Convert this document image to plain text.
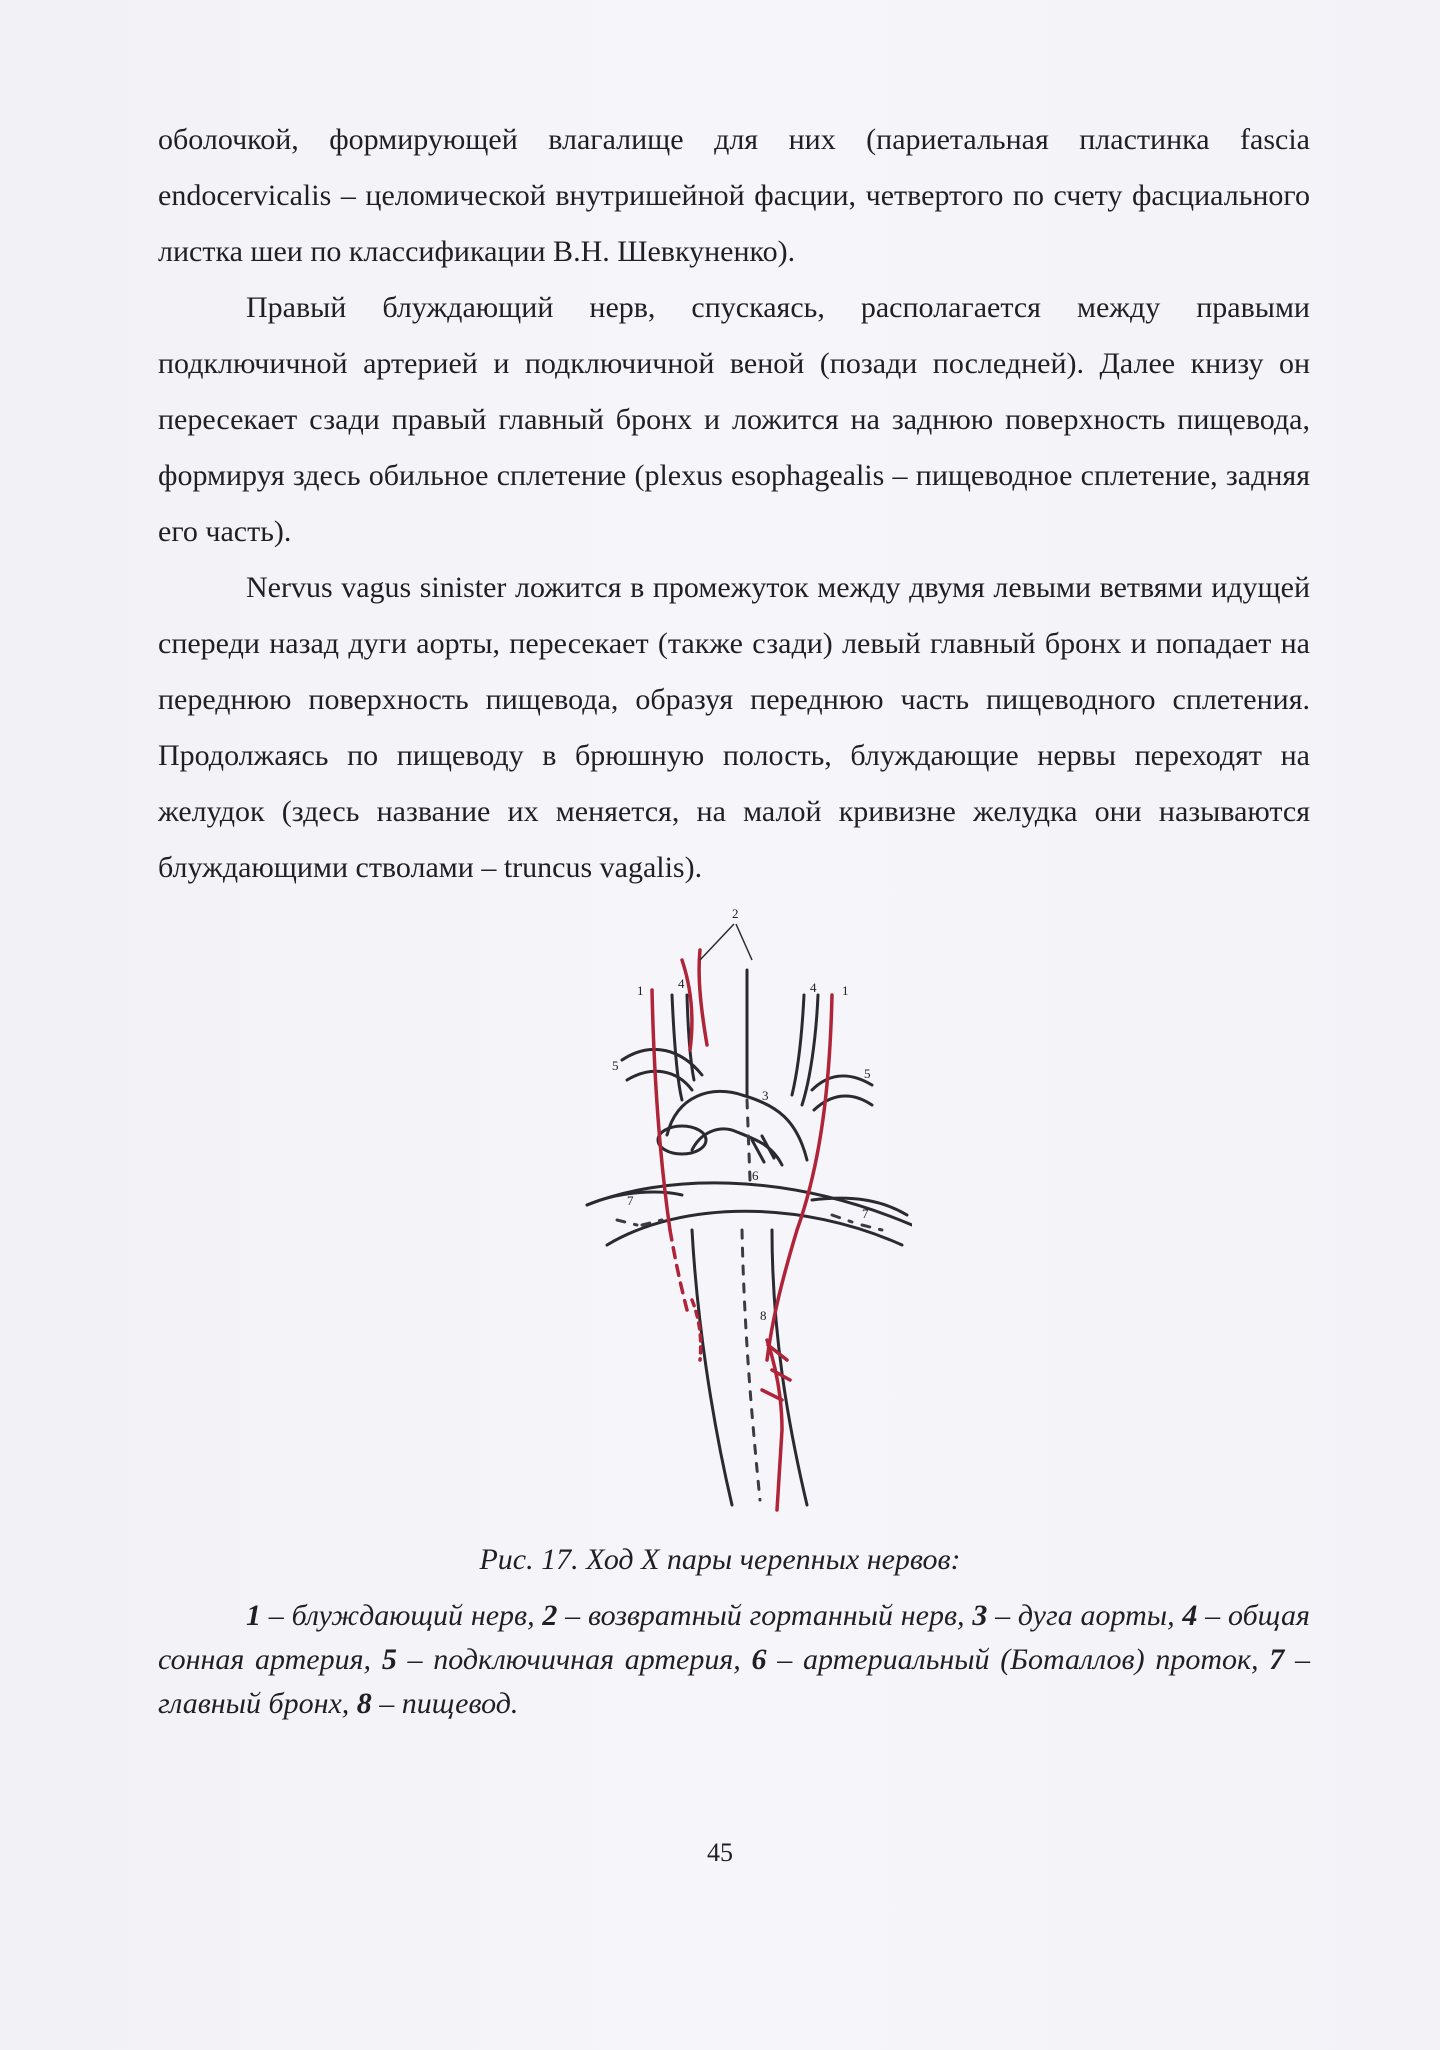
оболочкой, формирующей влагалище для них (париетальная пластинка fascia endocervicalis – целомической внутришейной фасции, четвертого по счету фасциального листка шеи по классификации В.Н. Шевкуненко).

Правый блуждающий нерв, спускаясь, располагается между правыми подключичной артерией и подключичной веной (позади последней). Далее книзу он пересекает сзади правый главный бронх и ложится на заднюю поверхность пищевода, формируя здесь обильное сплетение (plexus esophagealis – пищеводное сплетение, задняя его часть).

Nervus vagus sinister ложится в промежуток между двумя левыми ветвями идущей спереди назад дуги аорты, пересекает (также сзади) левый главный бронх и попадает на переднюю поверхность пищевода, образуя переднюю часть пищеводного сплетения. Продолжаясь по пищеводу в брюшную полость, блуждающие нервы переходят на желудок (здесь название их меняется, на малой кривизне желудка они называются блуждающими стволами – truncus vagalis).

2
1	1
4	4
5
5
3
6
7
7
8
Рис. 17. Ход Х пары черепных нервов:
1 – блуждающий нерв, 2 – возвратный гортанный нерв, 3 – дуга аорты, 4 – общая сонная артерия, 5 – подключичная артерия, 6 – артериальный (Боталлов) проток, 7 – главный бронх, 8 – пищевод.
45
